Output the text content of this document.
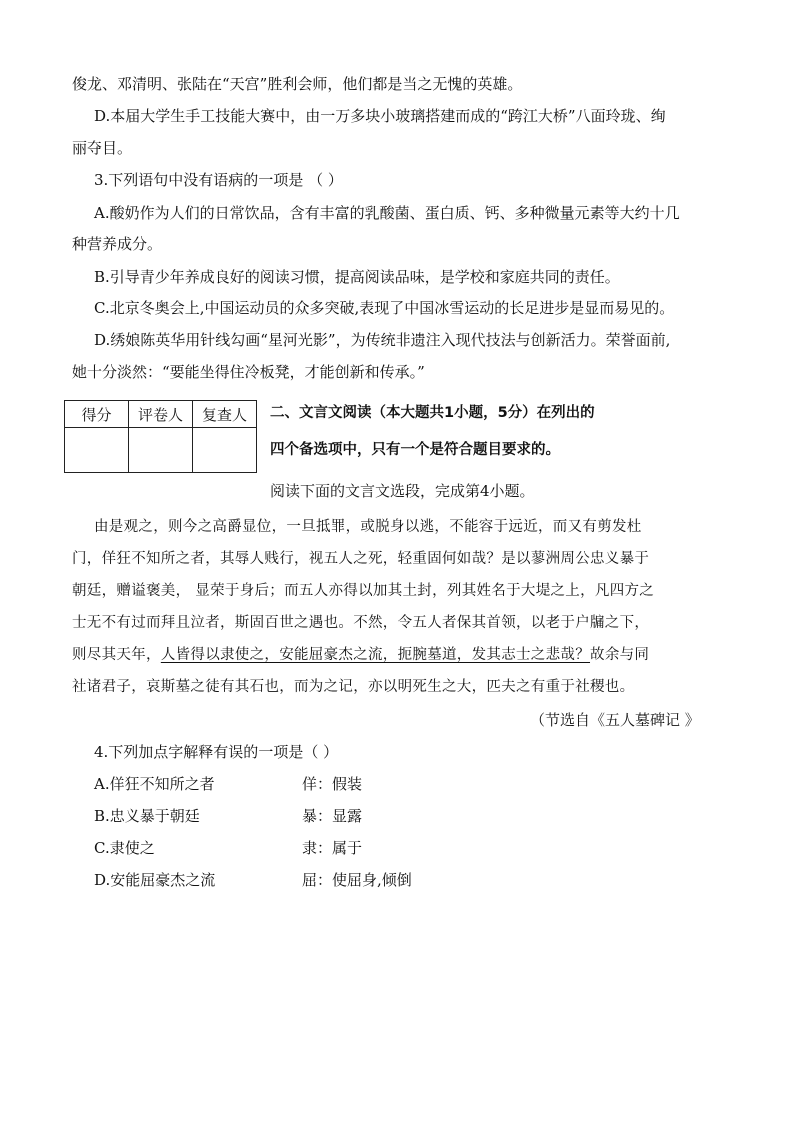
俊龙、邓清明、张陆在“天宫”胜利会师，他们都是当之无愧的英雄。
D.本届大学生手工技能大赛中，由一万多块小玻璃搭建而成的“跨江大桥”八面玲珑、绚
丽夺目。
3.下列语句中没有语病的一项是 （ ）
A.酸奶作为人们的日常饮品，含有丰富的乳酸菌、蛋白质、钙、多种微量元素等大约十几
种营养成分。
B.引导青少年养成良好的阅读习惯，提高阅读品味，是学校和家庭共同的责任。
C.北京冬奥会上,中国运动员的众多突破,表现了中国冰雪运动的长足进步是显而易见的。
D.绣娘陈英华用针线勾画“星河光影”，为传统非遗注入现代技法与创新活力。荣誉面前,
她十分淡然：“要能坐得住冷板凳，才能创新和传承。”
得分	评卷人	复查人
		二、文言文阅读（本大题共1小题，5分）在列出的
四个备选项中，只有一个是符合题目要求的。
阅读下面的文言文选段，完成第4小题。
由是观之，则今之高爵显位，一旦抵罪，或脱身以逃，不能容于远近，而又有剪发杜
门，佯狂不知所之者，其辱人贱行，视五人之死，轻重固何如哉？是以蓼洲周公忠义暴于
朝廷，赠谥褒美， 显荣于身后；而五人亦得以加其土封，列其姓名于大堤之上，凡四方之
士无不有过而拜且泣者，斯固百世之遇也。不然，令五人者保其首领，以老于户牖之下，
则尽其天年，人皆得以隶使之，安能屈豪杰之流，扼腕墓道，发其志士之悲哉？故余与同
社诸君子，哀斯墓之徒有其石也，而为之记，亦以明死生之大，匹夫之有重于社稷也。
（节选自《五人墓碑记 》
4.下列加点字解释有误的一项是（ ）
A.佯狂不知所之者	佯：假装
B.忠义暴于朝廷	暴：显露
C.隶使之	隶：属于
D.安能屈豪杰之流	屈：使屈身,倾倒
